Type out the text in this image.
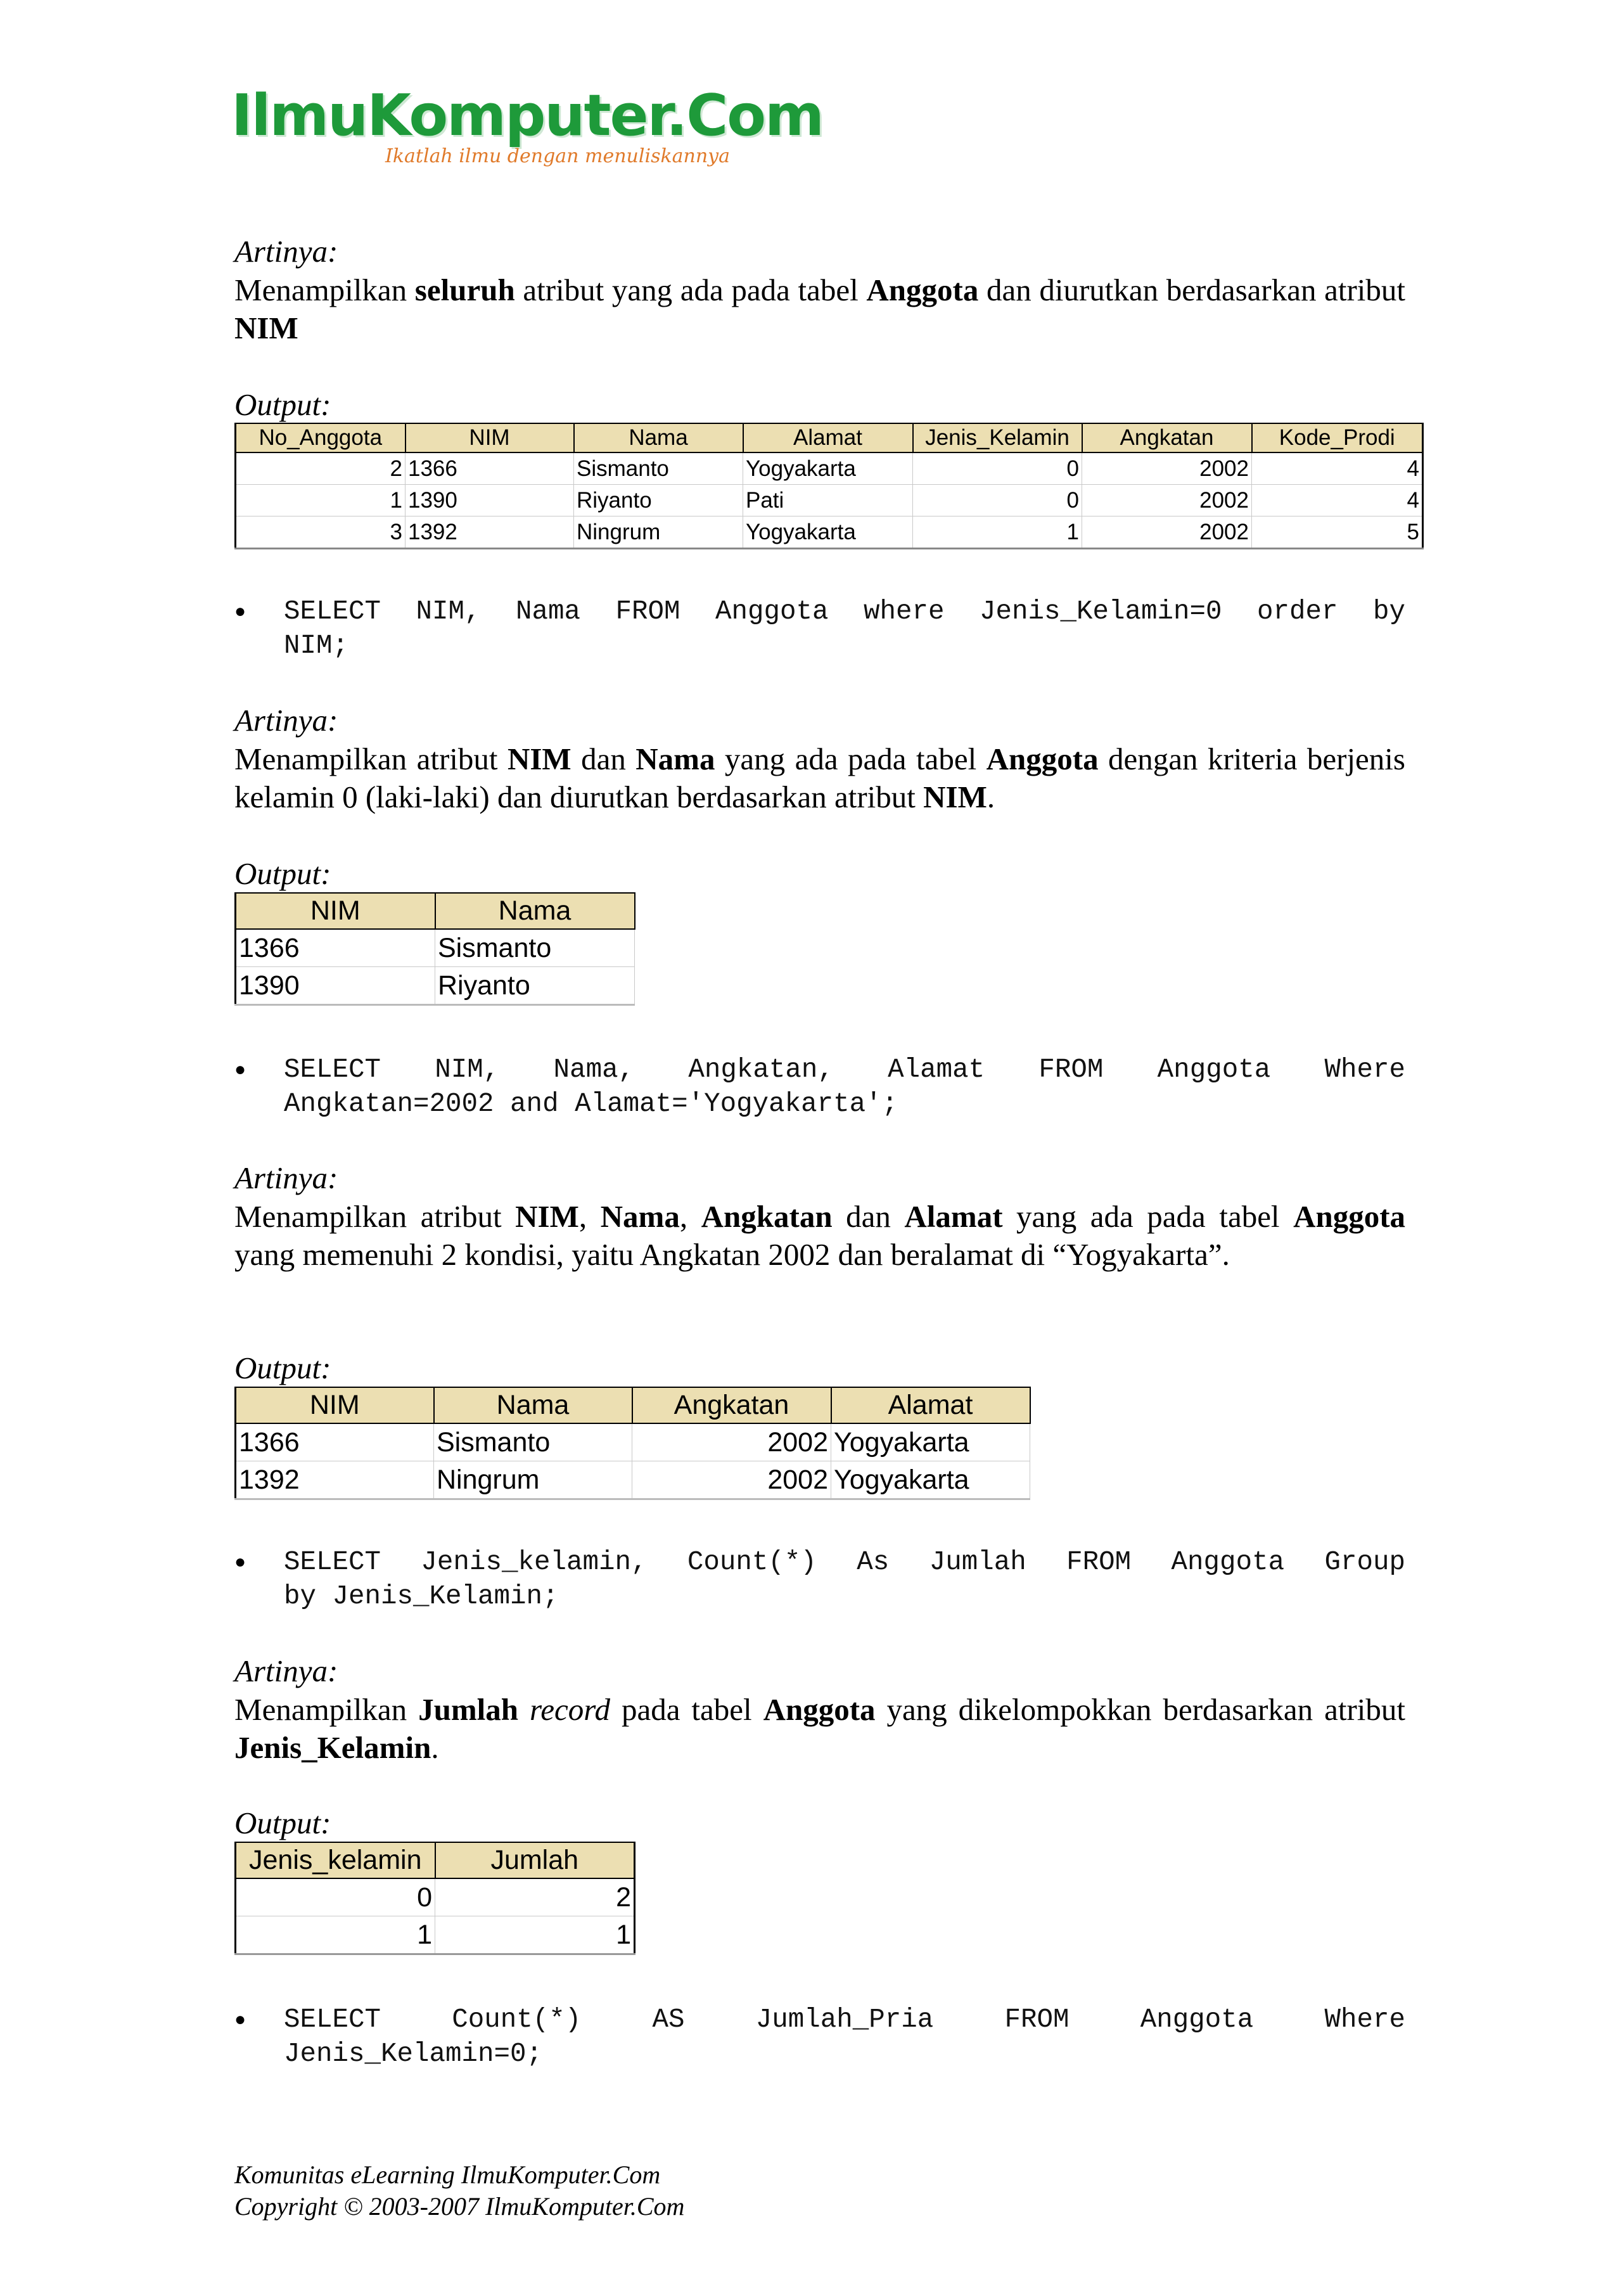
IlmuKomputer.Com
Ikatlah ilmu dengan menuliskannya
Artinya:
Menampilkan seluruh atribut yang ada pada tabel Anggota dan diurutkan berdasarkan atribut NIM
Output:
No_Anggota	NIM	Nama	Alamat	Jenis_Kelamin	Angkatan	Kode_Prodi
2	1366	Sismanto	Yogyakarta	0	2002	4
1	1390	Riyanto	Pati	0	2002	4
3	1392	Ningrum	Yogyakarta	1	2002	5
● SELECT NIM, Nama FROM Anggota where Jenis_Kelamin=0 order by
NIM;
Artinya:
Menampilkan atribut NIM dan Nama yang ada pada tabel Anggota dengan kriteria berjenis kelamin 0 (laki-laki) dan diurutkan berdasarkan atribut NIM.
Output:
NIM	Nama
1366	Sismanto
1390	Riyanto
● SELECT NIM, Nama, Angkatan, Alamat FROM Anggota Where
Angkatan=2002 and Alamat='Yogyakarta';
Artinya:
Menampilkan atribut NIM, Nama, Angkatan dan Alamat yang ada pada tabel Anggota yang memenuhi 2 kondisi, yaitu Angkatan 2002 dan beralamat di “Yogyakarta”.
Output:
NIM	Nama	Angkatan	Alamat
1366	Sismanto	2002	Yogyakarta
1392	Ningrum	2002	Yogyakarta
● SELECT Jenis_kelamin, Count(*) As Jumlah FROM Anggota Group
by Jenis_Kelamin;
Artinya:
Menampilkan Jumlah record pada tabel Anggota yang dikelompokkan berdasarkan atribut Jenis_Kelamin.
Output:
Jenis_kelamin	Jumlah
0	2
1	1
● SELECT Count(*) AS Jumlah_Pria FROM Anggota Where
Jenis_Kelamin=0;
Komunitas eLearning IlmuKomputer.Com
Copyright © 2003-2007 IlmuKomputer.Com
